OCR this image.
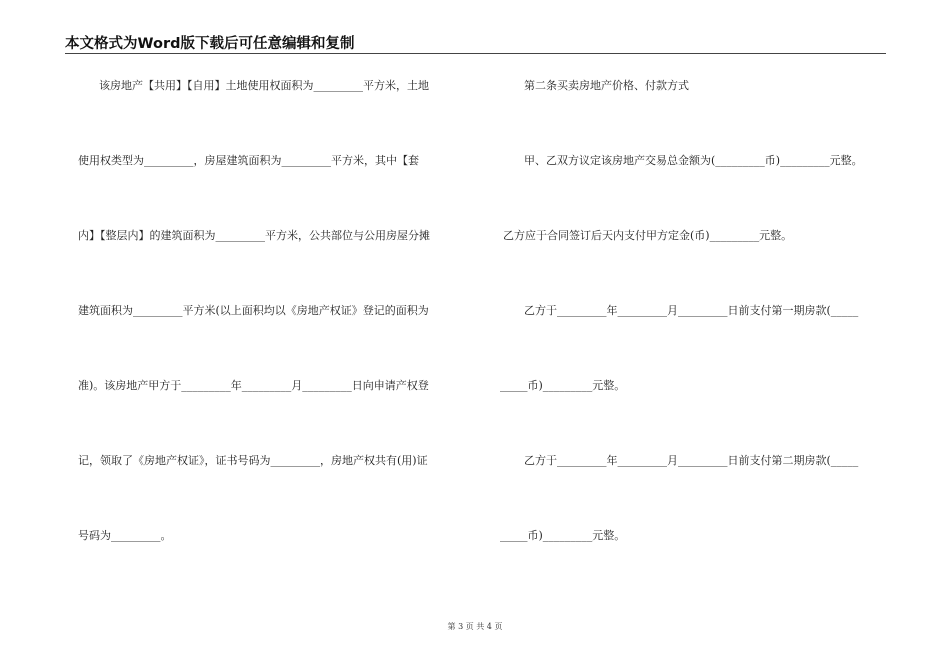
本文格式为Word版下载后可任意编辑和复制
该房地产【共用】【自用】土地使用权面积为_________平方米，土地
使用权类型为_________，房屋建筑面积为_________平方米，其中【套
内】【整层内】的建筑面积为_________平方米，公共部位与公用房屋分摊
建筑面积为_________平方米(以上面积均以《房地产权证》登记的面积为
准)。该房地产甲方于_________年_________月_________日向申请产权登
记，领取了《房地产权证》，证书号码为_________，房地产权共有(用)证
号码为_________。
第二条买卖房地产价格、付款方式
甲、乙双方议定该房地产交易总金额为(_________币)_________元整。
乙方应于合同签订后天内支付甲方定金(币)_________元整。
乙方于_________年_________月_________日前支付第一期房款(_____
_____币)_________元整。
乙方于_________年_________月_________日前支付第二期房款(_____
_____币)_________元整。
第 3 页 共 4 页
